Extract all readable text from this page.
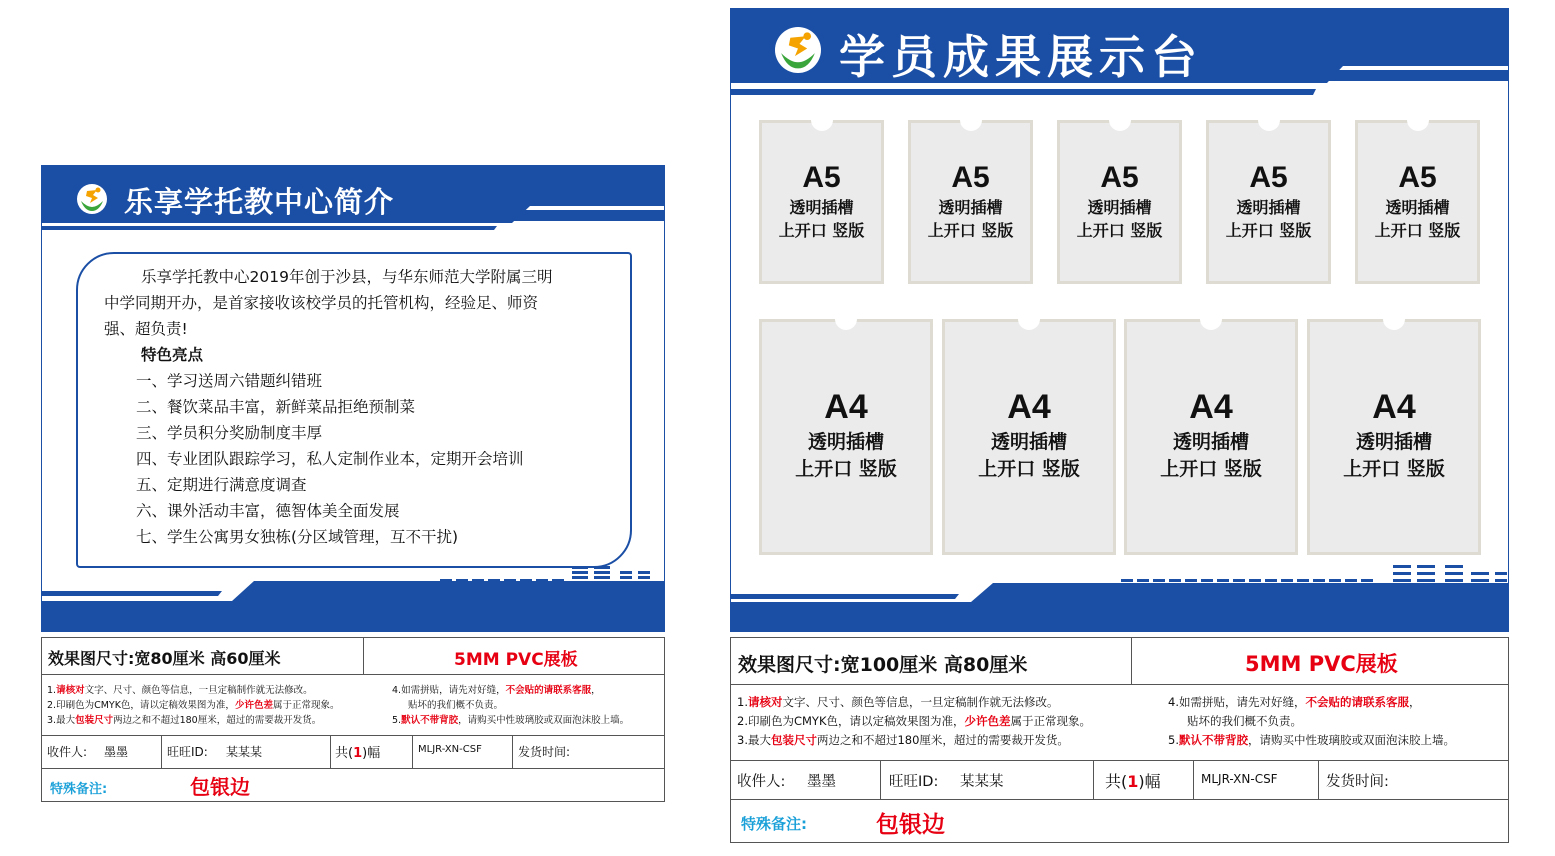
乐享学托教中心简介
乐享学托教中心2019年创于沙县，与华东师范大学附属三明
中学同期开办，是首家接收该校学员的托管机构，经验足、师资
强、超负责!
特色亮点
一、学习送周六错题纠错班
二、餐饮菜品丰富，新鲜菜品拒绝预制菜
三、学员积分奖励制度丰厚
四、专业团队跟踪学习，私人定制作业本，定期开会培训
五、定期进行满意度调查
六、课外活动丰富，德智体美全面发展
七、学生公寓男女独栋(分区域管理，互不干扰)
学员成果展示台
A5
透明插槽
上开口 竖版
A5
透明插槽
上开口 竖版
A5
透明插槽
上开口 竖版
A5
透明插槽
上开口 竖版
A5
透明插槽
上开口 竖版
A4
透明插槽
上开口 竖版
A4
透明插槽
上开口 竖版
A4
透明插槽
上开口 竖版
A4
透明插槽
上开口 竖版
效果图尺寸:宽80厘米 高60厘米	5MM PVC展板
1.请核对文字、尺寸、颜色等信息，一旦定稿制作就无法修改。
2.印刷色为CMYK色，请以定稿效果图为准，少许色差属于正常现象。
3.最大包装尺寸两边之和不超过180厘米，超过的需要裁开发货。
4.如需拼贴，请先对好缝，不会贴的请联系客服，
贴坏的我们概不负责。
5.默认不带背胶，请购买中性玻璃胶或双面泡沫胶上墙。
收件人: 墨墨	旺旺ID: 某某某	共(1)幅	MLJR-XN-CSF	发货时间:
特殊备注:	包银边
效果图尺寸:宽100厘米 高80厘米	5MM PVC展板
1.请核对文字、尺寸、颜色等信息，一旦定稿制作就无法修改。
2.印刷色为CMYK色，请以定稿效果图为准，少许色差属于正常现象。
3.最大包装尺寸两边之和不超过180厘米，超过的需要裁开发货。
4.如需拼贴，请先对好缝，不会贴的请联系客服，
贴坏的我们概不负责。
5.默认不带背胶，请购买中性玻璃胶或双面泡沫胶上墙。
收件人: 墨墨	旺旺ID: 某某某	共(1)幅	MLJR-XN-CSF	发货时间:
特殊备注:	包银边
